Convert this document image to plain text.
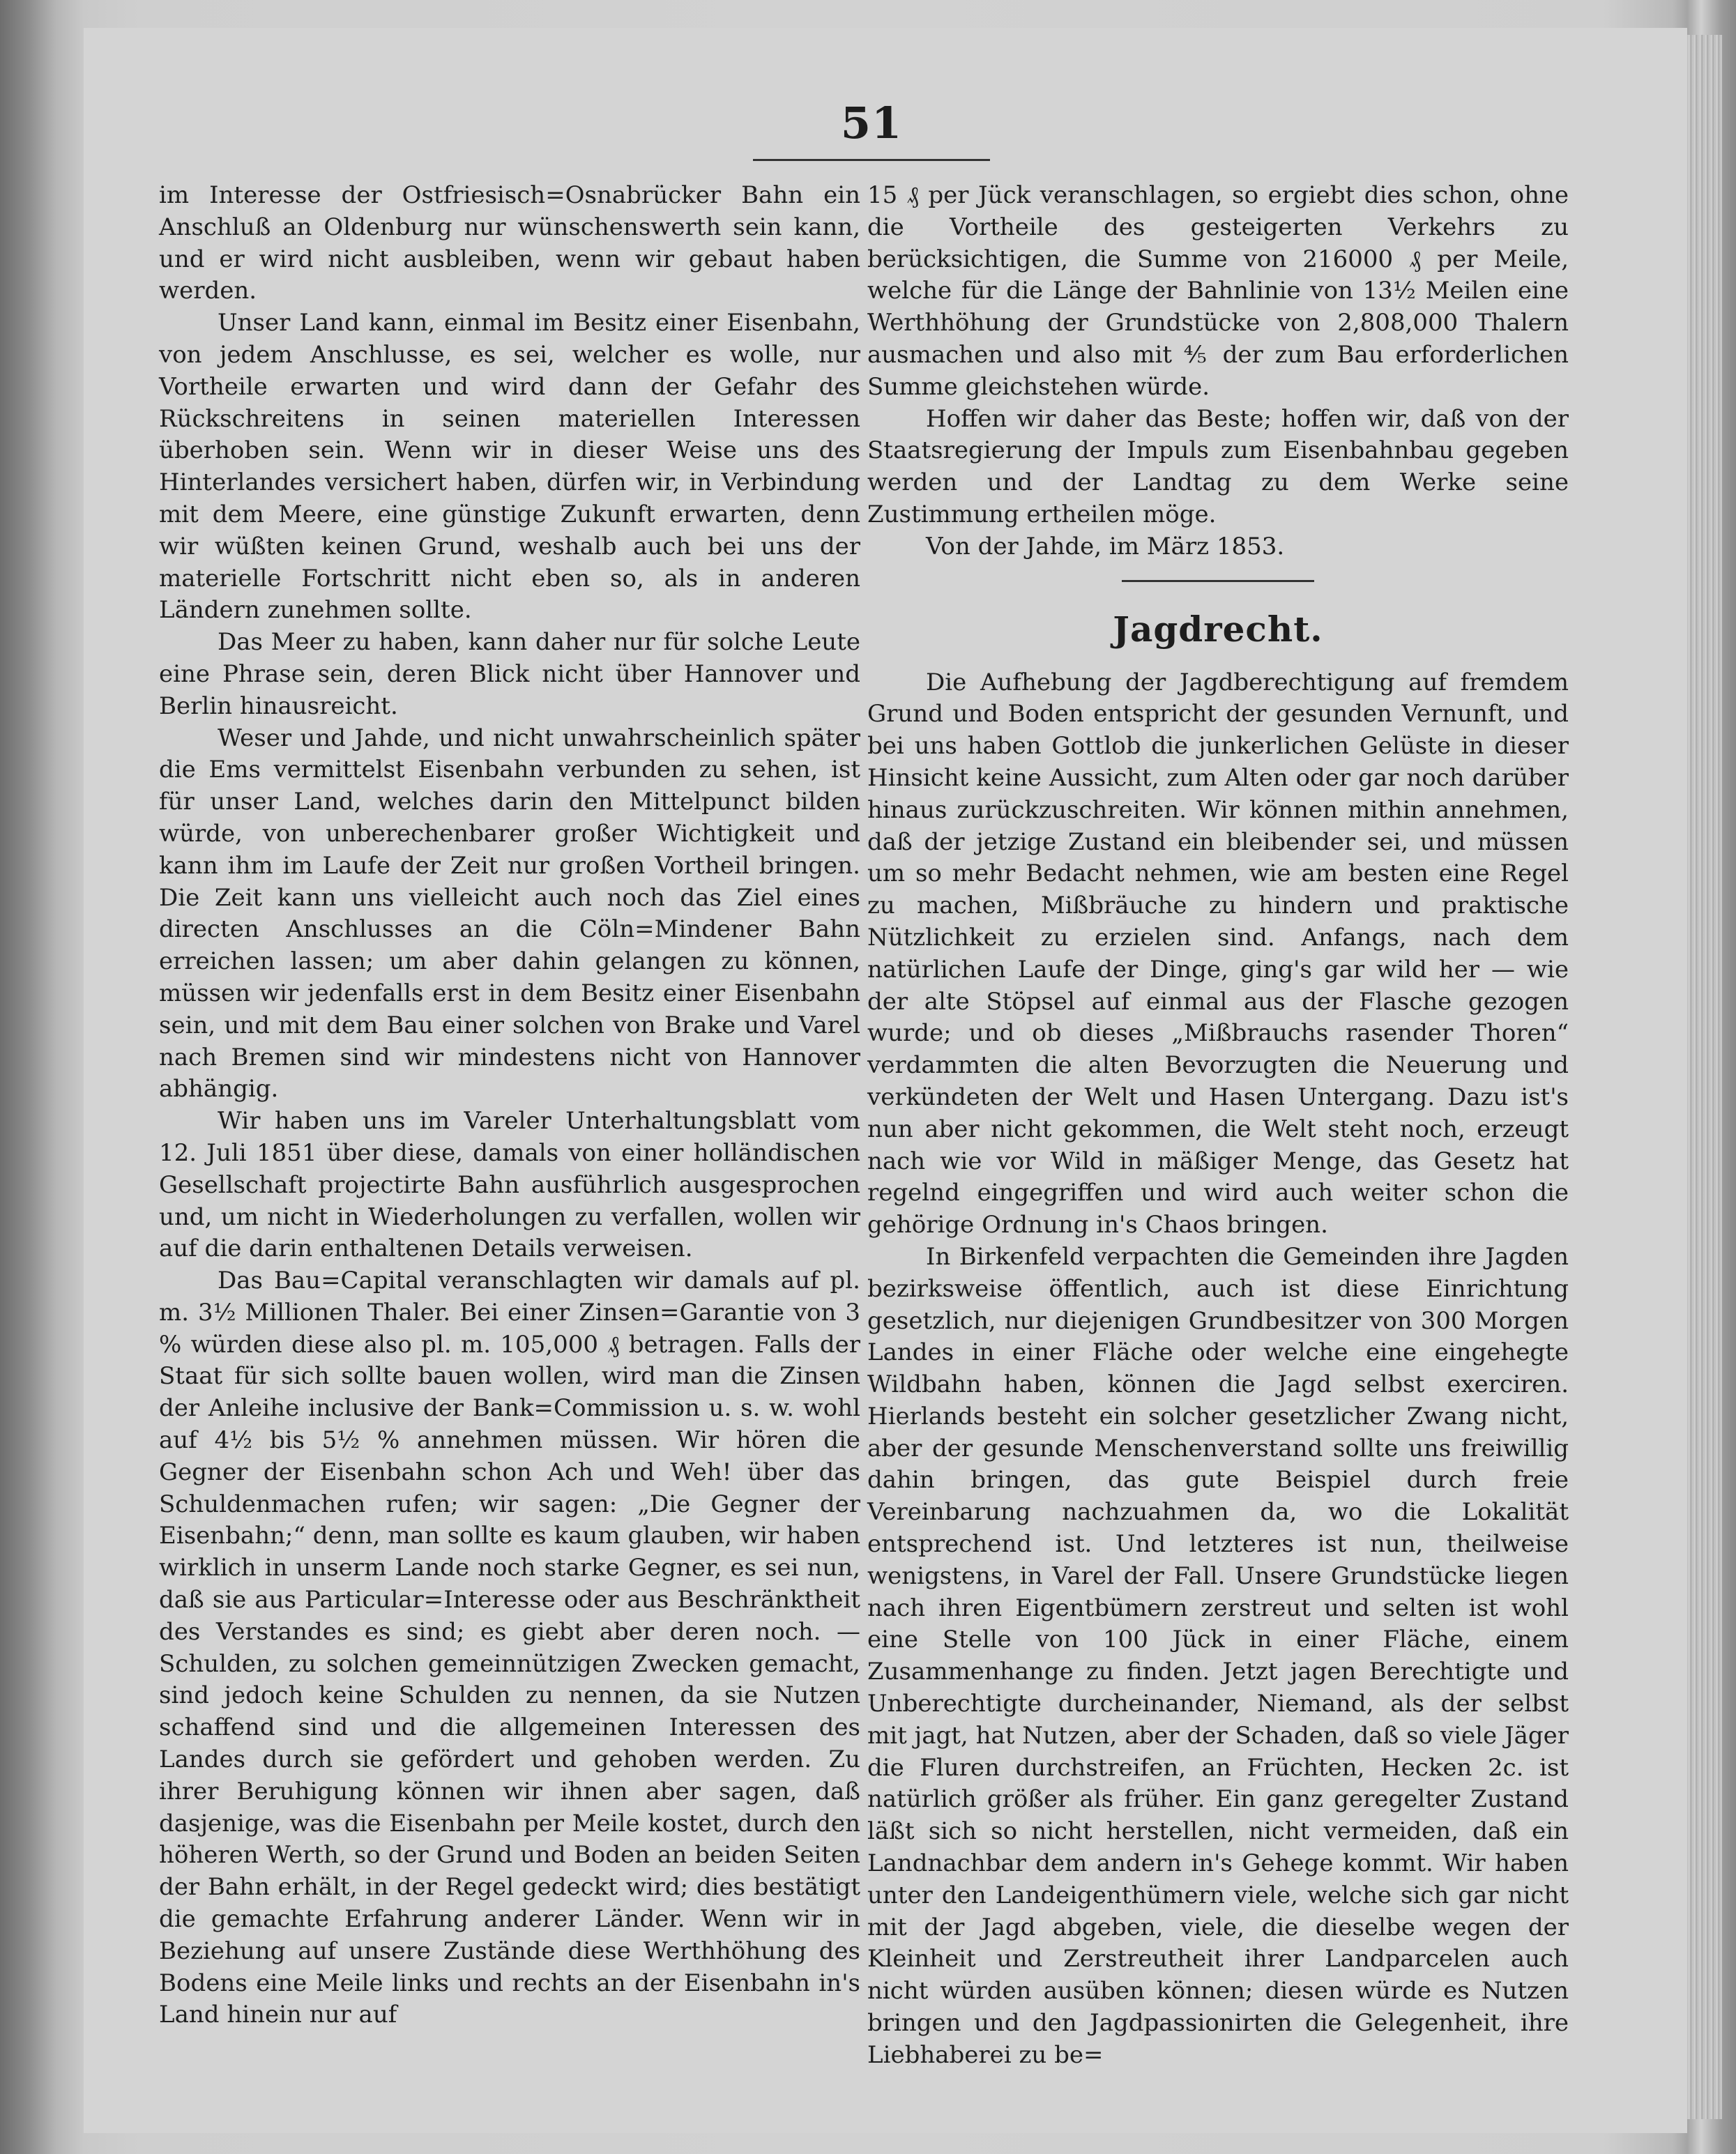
51

im Interesse der Ostfriesisch=Osnabrücker Bahn ein Anschluß an Oldenburg nur wünschenswerth sein kann, und er wird nicht ausbleiben, wenn wir gebaut haben werden.

Unser Land kann, einmal im Besitz einer Eisenbahn, von jedem Anschlusse, es sei, welcher es wolle, nur Vortheile erwarten und wird dann der Gefahr des Rückschreitens in seinen materiellen Interessen überhoben sein. Wenn wir in dieser Weise uns des Hinterlandes versichert haben, dürfen wir, in Verbindung mit dem Meere, eine günstige Zukunft erwarten, denn wir wüßten keinen Grund, weshalb auch bei uns der materielle Fortschritt nicht eben so, als in anderen Ländern zunehmen sollte.

Das Meer zu haben, kann daher nur für solche Leute eine Phrase sein, deren Blick nicht über Hannover und Berlin hinausreicht.

Weser und Jahde, und nicht unwahrscheinlich später die Ems vermittelst Eisenbahn verbunden zu sehen, ist für unser Land, welches darin den Mittelpunct bilden würde, von unberechenbarer großer Wichtigkeit und kann ihm im Laufe der Zeit nur großen Vortheil bringen. Die Zeit kann uns vielleicht auch noch das Ziel eines directen Anschlusses an die Cöln=Mindener Bahn erreichen lassen; um aber dahin gelangen zu können, müssen wir jedenfalls erst in dem Besitz einer Eisenbahn sein, und mit dem Bau einer solchen von Brake und Varel nach Bremen sind wir mindestens nicht von Hannover abhängig.

Wir haben uns im Vareler Unterhaltungsblatt vom 12. Juli 1851 über diese, damals von einer holländischen Gesellschaft projectirte Bahn ausführlich ausgesprochen und, um nicht in Wiederholungen zu verfallen, wollen wir auf die darin enthaltenen Details verweisen.

Das Bau=Capital veranschlagten wir damals auf pl. m. 3½ Millionen Thaler. Bei einer Zinsen=Garantie von 3 % würden diese also pl. m. 105,000 ₰ betragen. Falls der Staat für sich sollte bauen wollen, wird man die Zinsen der Anleihe inclusive der Bank=Commission u. s. w. wohl auf 4½ bis 5½ % annehmen müssen. Wir hören die Gegner der Eisenbahn schon Ach und Weh! über das Schuldenmachen rufen; wir sagen: „Die Gegner der Eisenbahn;“ denn, man sollte es kaum glauben, wir haben wirklich in unserm Lande noch starke Gegner, es sei nun, daß sie aus Particular=Interesse oder aus Beschränktheit des Verstandes es sind; es giebt aber deren noch. — Schulden, zu solchen gemeinnützigen Zwecken gemacht, sind jedoch keine Schulden zu nennen, da sie Nutzen schaffend sind und die allgemeinen Interessen des Landes durch sie gefördert und gehoben werden. Zu ihrer Beruhigung können wir ihnen aber sagen, daß dasjenige, was die Eisenbahn per Meile kostet, durch den höheren Werth, so der Grund und Boden an beiden Seiten der Bahn erhält, in der Regel gedeckt wird; dies bestätigt die gemachte Erfahrung anderer Länder. Wenn wir in Beziehung auf unsere Zustände diese Werthhöhung des Bodens eine Meile links und rechts an der Eisenbahn in's Land hinein nur auf

15 ₰ per Jück veranschlagen, so ergiebt dies schon, ohne die Vortheile des gesteigerten Verkehrs zu berücksichtigen, die Summe von 216000 ₰ per Meile, welche für die Länge der Bahnlinie von 13½ Meilen eine Werthhöhung der Grundstücke von 2,808,000 Thalern ausmachen und also mit ⅘ der zum Bau erforderlichen Summe gleichstehen würde.

Hoffen wir daher das Beste; hoffen wir, daß von der Staatsregierung der Impuls zum Eisenbahnbau gegeben werden und der Landtag zu dem Werke seine Zustimmung ertheilen möge.

Von der Jahde, im März 1853.

Jagdrecht.

Die Aufhebung der Jagdberechtigung auf fremdem Grund und Boden entspricht der gesunden Vernunft, und bei uns haben Gottlob die junkerlichen Gelüste in dieser Hinsicht keine Aussicht, zum Alten oder gar noch darüber hinaus zurückzuschreiten. Wir können mithin annehmen, daß der jetzige Zustand ein bleibender sei, und müssen um so mehr Bedacht nehmen, wie am besten eine Regel zu machen, Mißbräuche zu hindern und praktische Nützlichkeit zu erzielen sind. Anfangs, nach dem natürlichen Laufe der Dinge, ging's gar wild her — wie der alte Stöpsel auf einmal aus der Flasche gezogen wurde; und ob dieses „Mißbrauchs rasender Thoren“ verdammten die alten Bevorzugten die Neuerung und verkündeten der Welt und Hasen Untergang. Dazu ist's nun aber nicht gekommen, die Welt steht noch, erzeugt nach wie vor Wild in mäßiger Menge, das Gesetz hat regelnd eingegriffen und wird auch weiter schon die gehörige Ordnung in's Chaos bringen.

In Birkenfeld verpachten die Gemeinden ihre Jagden bezirksweise öffentlich, auch ist diese Einrichtung gesetzlich, nur diejenigen Grundbesitzer von 300 Morgen Landes in einer Fläche oder welche eine eingehegte Wildbahn haben, können die Jagd selbst exerciren. Hierlands besteht ein solcher gesetzlicher Zwang nicht, aber der gesunde Menschenverstand sollte uns freiwillig dahin bringen, das gute Beispiel durch freie Vereinbarung nachzuahmen da, wo die Lokalität entsprechend ist. Und letzteres ist nun, theilweise wenigstens, in Varel der Fall. Unsere Grundstücke liegen nach ihren Eigentbümern zerstreut und selten ist wohl eine Stelle von 100 Jück in einer Fläche, einem Zusammenhange zu finden. Jetzt jagen Berechtigte und Unberechtigte durcheinander, Niemand, als der selbst mit jagt, hat Nutzen, aber der Schaden, daß so viele Jäger die Fluren durchstreifen, an Früchten, Hecken 2c. ist natürlich größer als früher. Ein ganz geregelter Zustand läßt sich so nicht herstellen, nicht vermeiden, daß ein Landnachbar dem andern in's Gehege kommt. Wir haben unter den Landeigenthümern viele, welche sich gar nicht mit der Jagd abgeben, viele, die dieselbe wegen der Kleinheit und Zerstreutheit ihrer Landparcelen auch nicht würden ausüben können; diesen würde es Nutzen bringen und den Jagdpassionirten die Gelegenheit, ihre Liebhaberei zu be=
